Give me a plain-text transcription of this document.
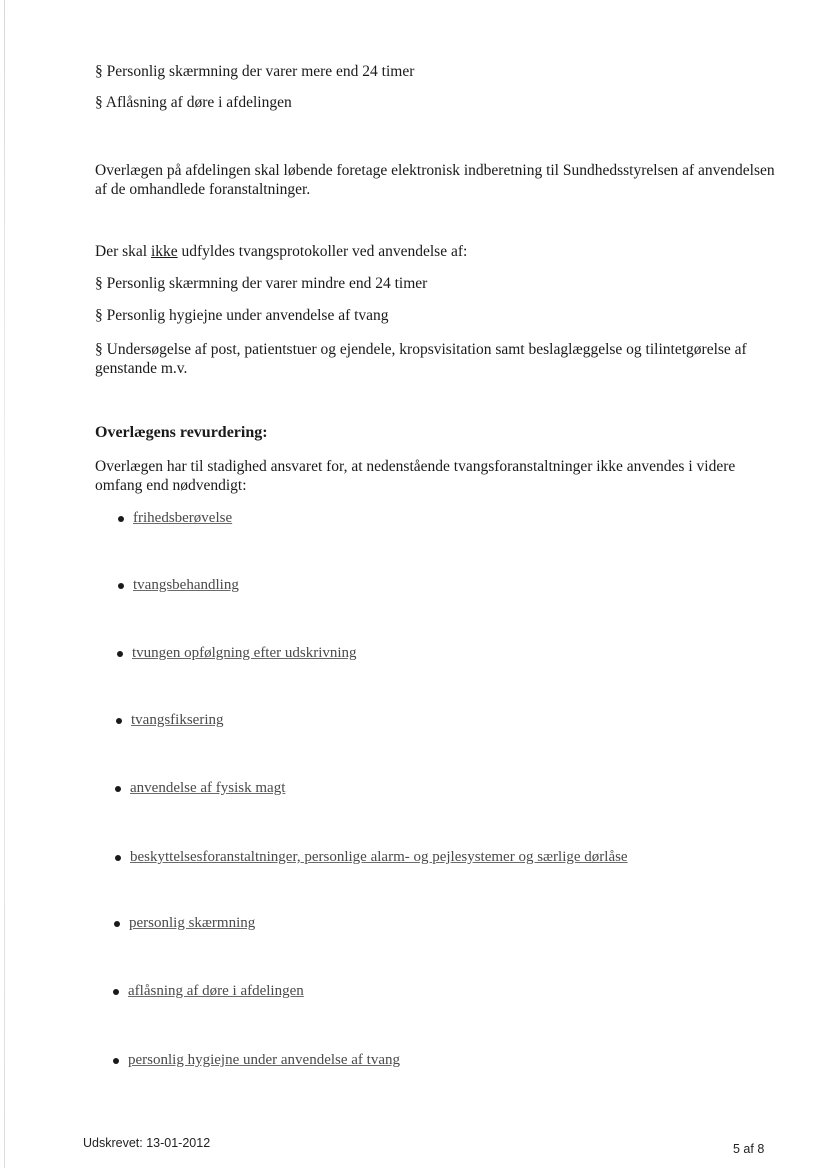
§ Personlig skærmning der varer mere end 24 timer
§ Aflåsning af døre i afdelingen
Overlægen på afdelingen skal løbende foretage elektronisk indberetning til Sundhedsstyrelsen af anvendelsen af de omhandlede foranstaltninger.
Der skal ikke udfyldes tvangsprotokoller ved anvendelse af:
§ Personlig skærmning der varer mindre end 24 timer
§ Personlig hygiejne under anvendelse af tvang
§ Undersøgelse af post, patientstuer og ejendele, kropsvisitation samt beslaglæggelse og tilintetgørelse af genstande m.v.
Overlægens revurdering:
Overlægen har til stadighed ansvaret for, at nedenstående tvangsforanstaltninger ikke anvendes i videre omfang end nødvendigt:
frihedsberøvelse
tvangsbehandling
tvungen opfølgning efter udskrivning
tvangsfiksering
anvendelse af fysisk magt
beskyttelsesforanstaltninger, personlige alarm- og pejlesystemer og særlige dørlåse
personlig skærmning
aflåsning af døre i afdelingen
personlig hygiejne under anvendelse af tvang
Udskrevet: 13-01-2012	5 af 8
